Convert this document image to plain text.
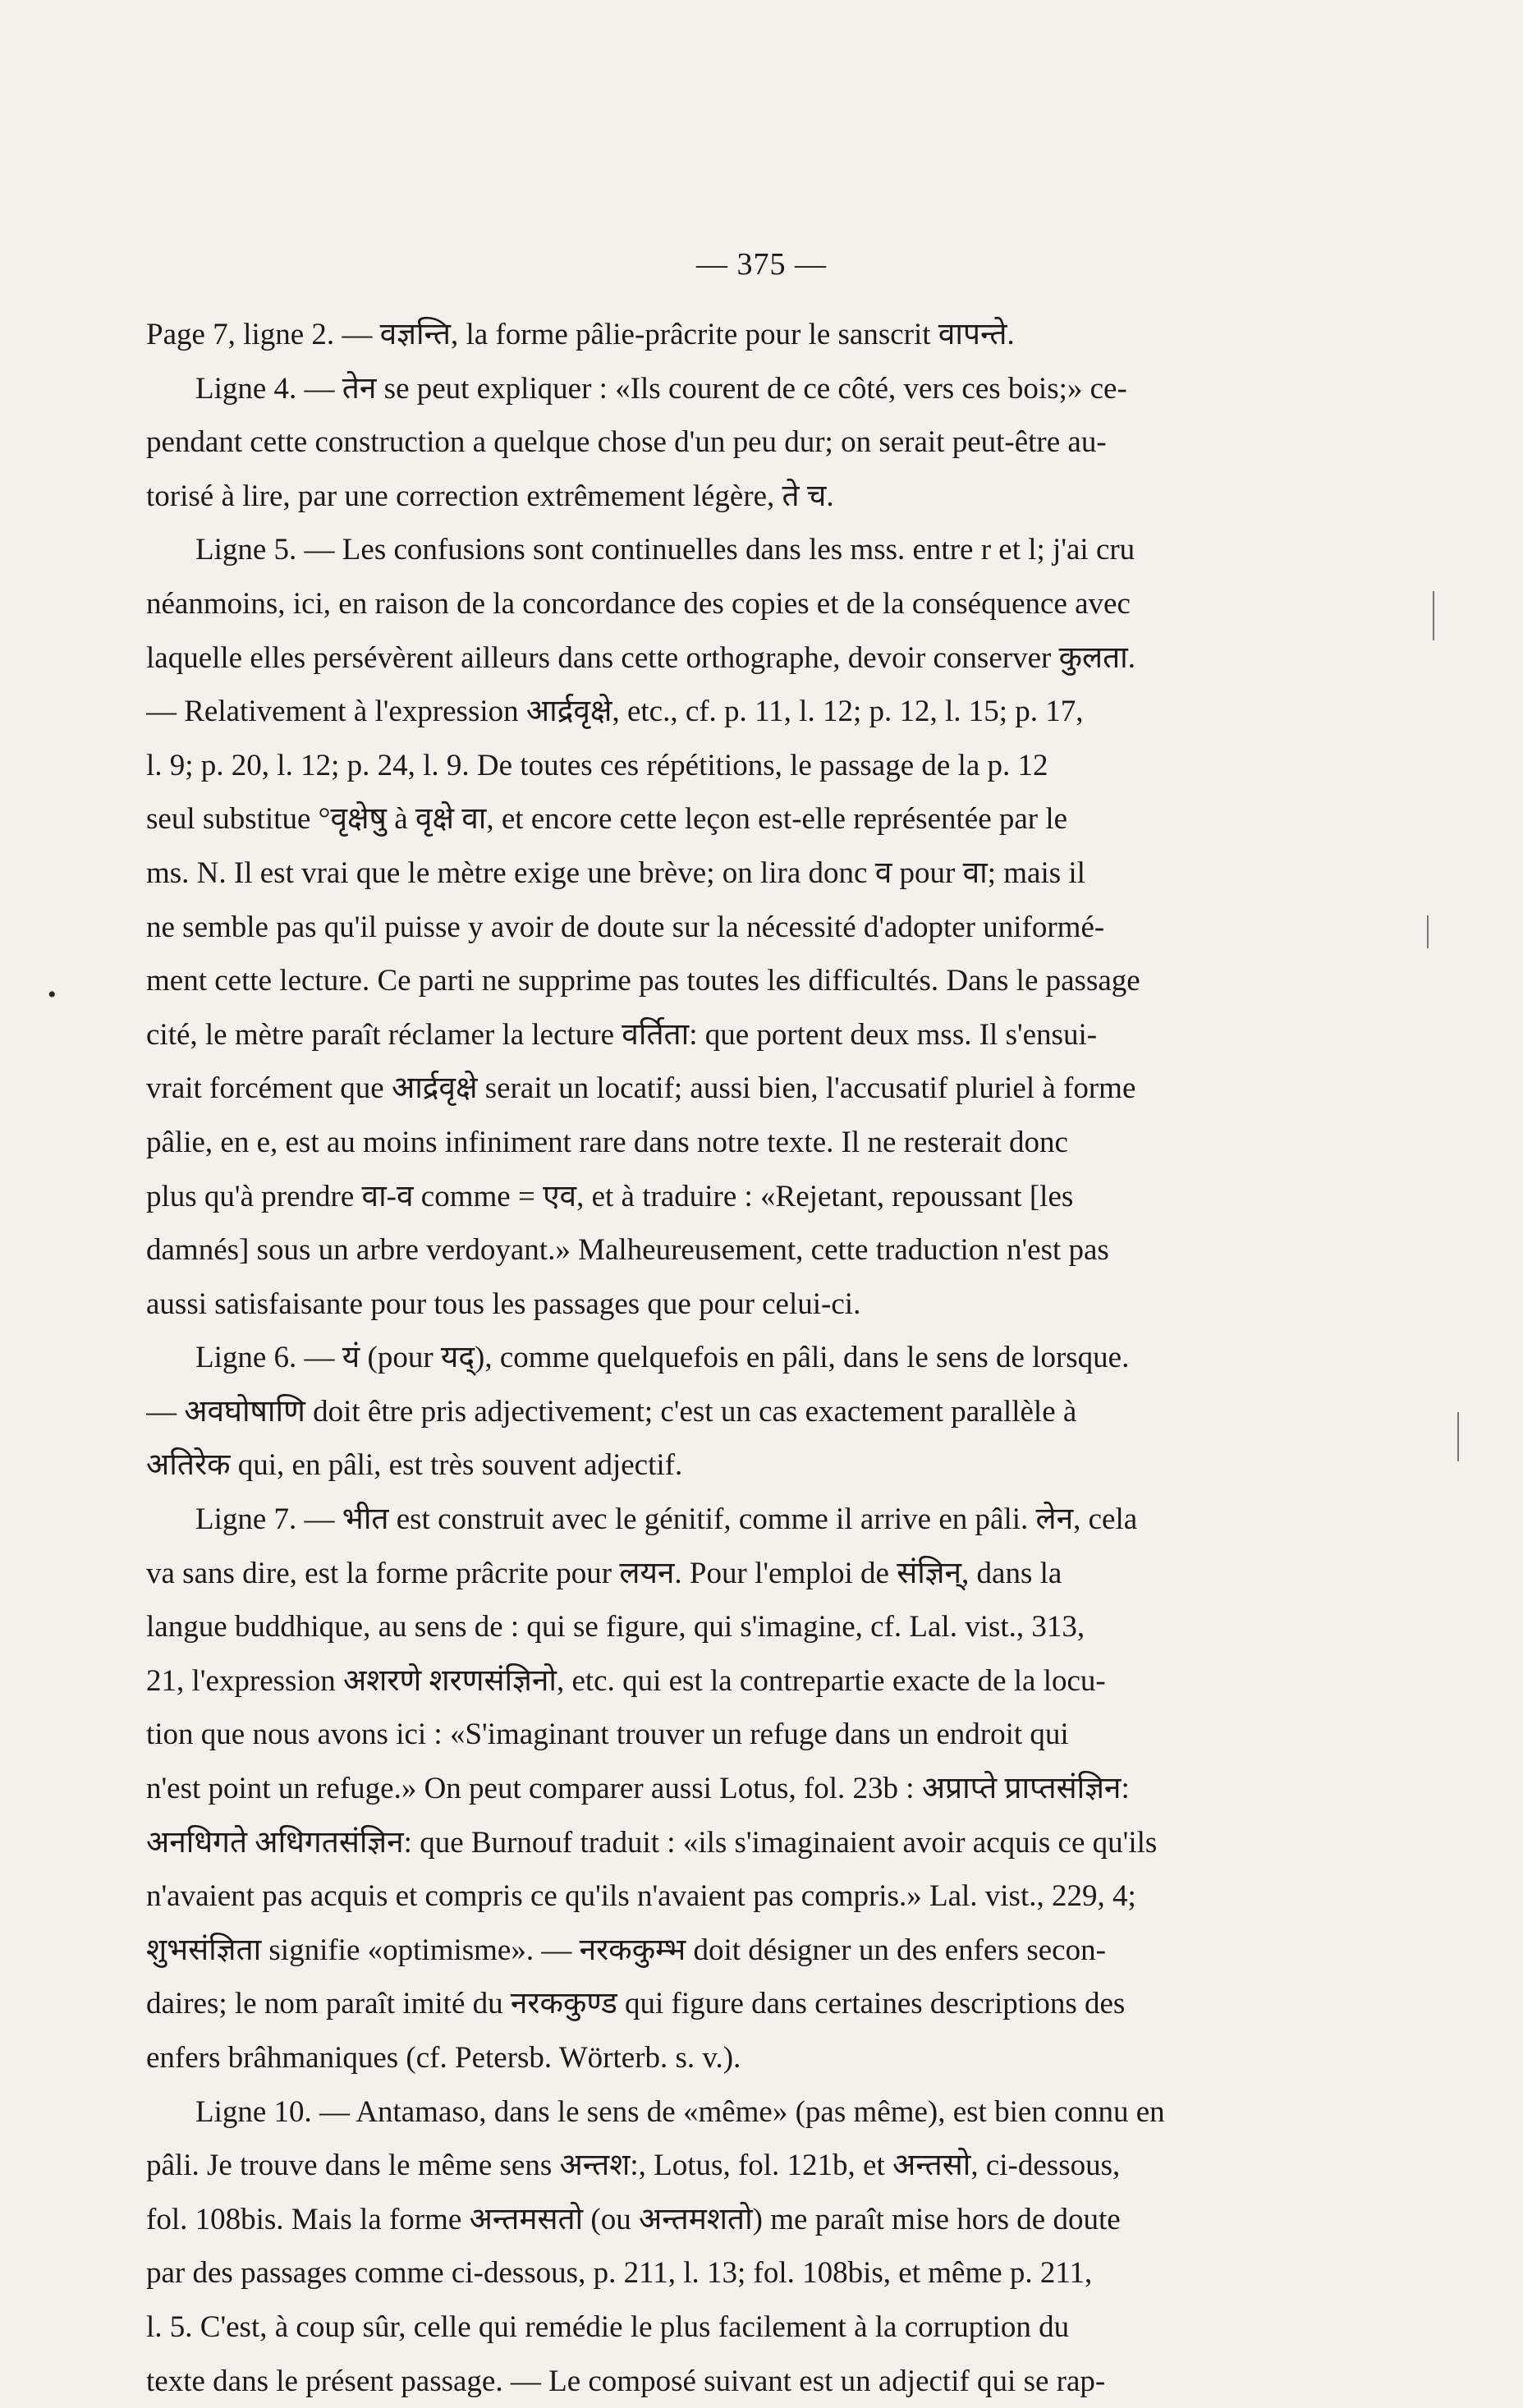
— 375 —

Page 7, ligne 2. — वज्ञन्ति, la forme pâlie-prâcrite pour le sanscrit वापन्ते.

Ligne 4. — तेन se peut expliquer : «Ils courent de ce côté, vers ces bois;» ce-
pendant cette construction a quelque chose d'un peu dur; on serait peut-être au-
torisé à lire, par une correction extrêmement légère, ते च.

Ligne 5. — Les confusions sont continuelles dans les mss. entre r et l; j'ai cru
néanmoins, ici, en raison de la concordance des copies et de la conséquence avec
laquelle elles persévèrent ailleurs dans cette orthographe, devoir conserver कुलता.
— Relativement à l'expression आर्द्रवृक्षे, etc., cf. p. 11, l. 12; p. 12, l. 15; p. 17,
l. 9; p. 20, l. 12; p. 24, l. 9. De toutes ces répétitions, le passage de la p. 12
seul substitue °वृक्षेषु à वृक्षे वा, et encore cette leçon est-elle représentée par le
ms. N. Il est vrai que le mètre exige une brève; on lira donc व pour वा; mais il
ne semble pas qu'il puisse y avoir de doute sur la nécessité d'adopter uniformé-
ment cette lecture. Ce parti ne supprime pas toutes les difficultés. Dans le passage
cité, le mètre paraît réclamer la lecture वर्तिता: que portent deux mss. Il s'ensui-
vrait forcément que आर्द्रवृक्षे serait un locatif; aussi bien, l'accusatif pluriel à forme
pâlie, en e, est au moins infiniment rare dans notre texte. Il ne resterait donc
plus qu'à prendre वा-व comme = एव, et à traduire : «Rejetant, repoussant [les
damnés] sous un arbre verdoyant.» Malheureusement, cette traduction n'est pas
aussi satisfaisante pour tous les passages que pour celui-ci.

Ligne 6. — यं (pour यद्), comme quelquefois en pâli, dans le sens de lorsque.
— अवघोषाणि doit être pris adjectivement; c'est un cas exactement parallèle à
अतिरेक qui, en pâli, est très souvent adjectif.

Ligne 7. — भीत est construit avec le génitif, comme il arrive en pâli. लेन, cela
va sans dire, est la forme prâcrite pour लयन. Pour l'emploi de संज्ञिन्, dans la
langue buddhique, au sens de : qui se figure, qui s'imagine, cf. Lal. vist., 313,
21, l'expression अशरणे शरणसंज्ञिनो, etc. qui est la contrepartie exacte de la locu-
tion que nous avons ici : «S'imaginant trouver un refuge dans un endroit qui
n'est point un refuge.» On peut comparer aussi Lotus, fol. 23b : अप्राप्ते प्राप्तसंज्ञिन:
अनधिगते अधिगतसंज्ञिन: que Burnouf traduit : «ils s'imaginaient avoir acquis ce qu'ils
n'avaient pas acquis et compris ce qu'ils n'avaient pas compris.» Lal. vist., 229, 4;
शुभसंज्ञिता signifie «optimisme». — नरककुम्भ doit désigner un des enfers secon-
daires; le nom paraît imité du नरककुण्ड qui figure dans certaines descriptions des
enfers brâhmaniques (cf. Petersb. Wörterb. s. v.).

Ligne 10. — Antamaso, dans le sens de «même» (pas même), est bien connu en
pâli. Je trouve dans le même sens अन्तश:, Lotus, fol. 121b, et अन्तसो, ci-dessous,
fol. 108bis. Mais la forme अन्तमसतो (ou अन्तमशतो) me paraît mise hors de doute
par des passages comme ci-dessous, p. 211, l. 13; fol. 108bis, et même p. 211,
l. 5. C'est, à coup sûr, celle qui remédie le plus facilement à la corruption du
texte dans le présent passage. — Le composé suivant est un adjectif qui se rap-

•
